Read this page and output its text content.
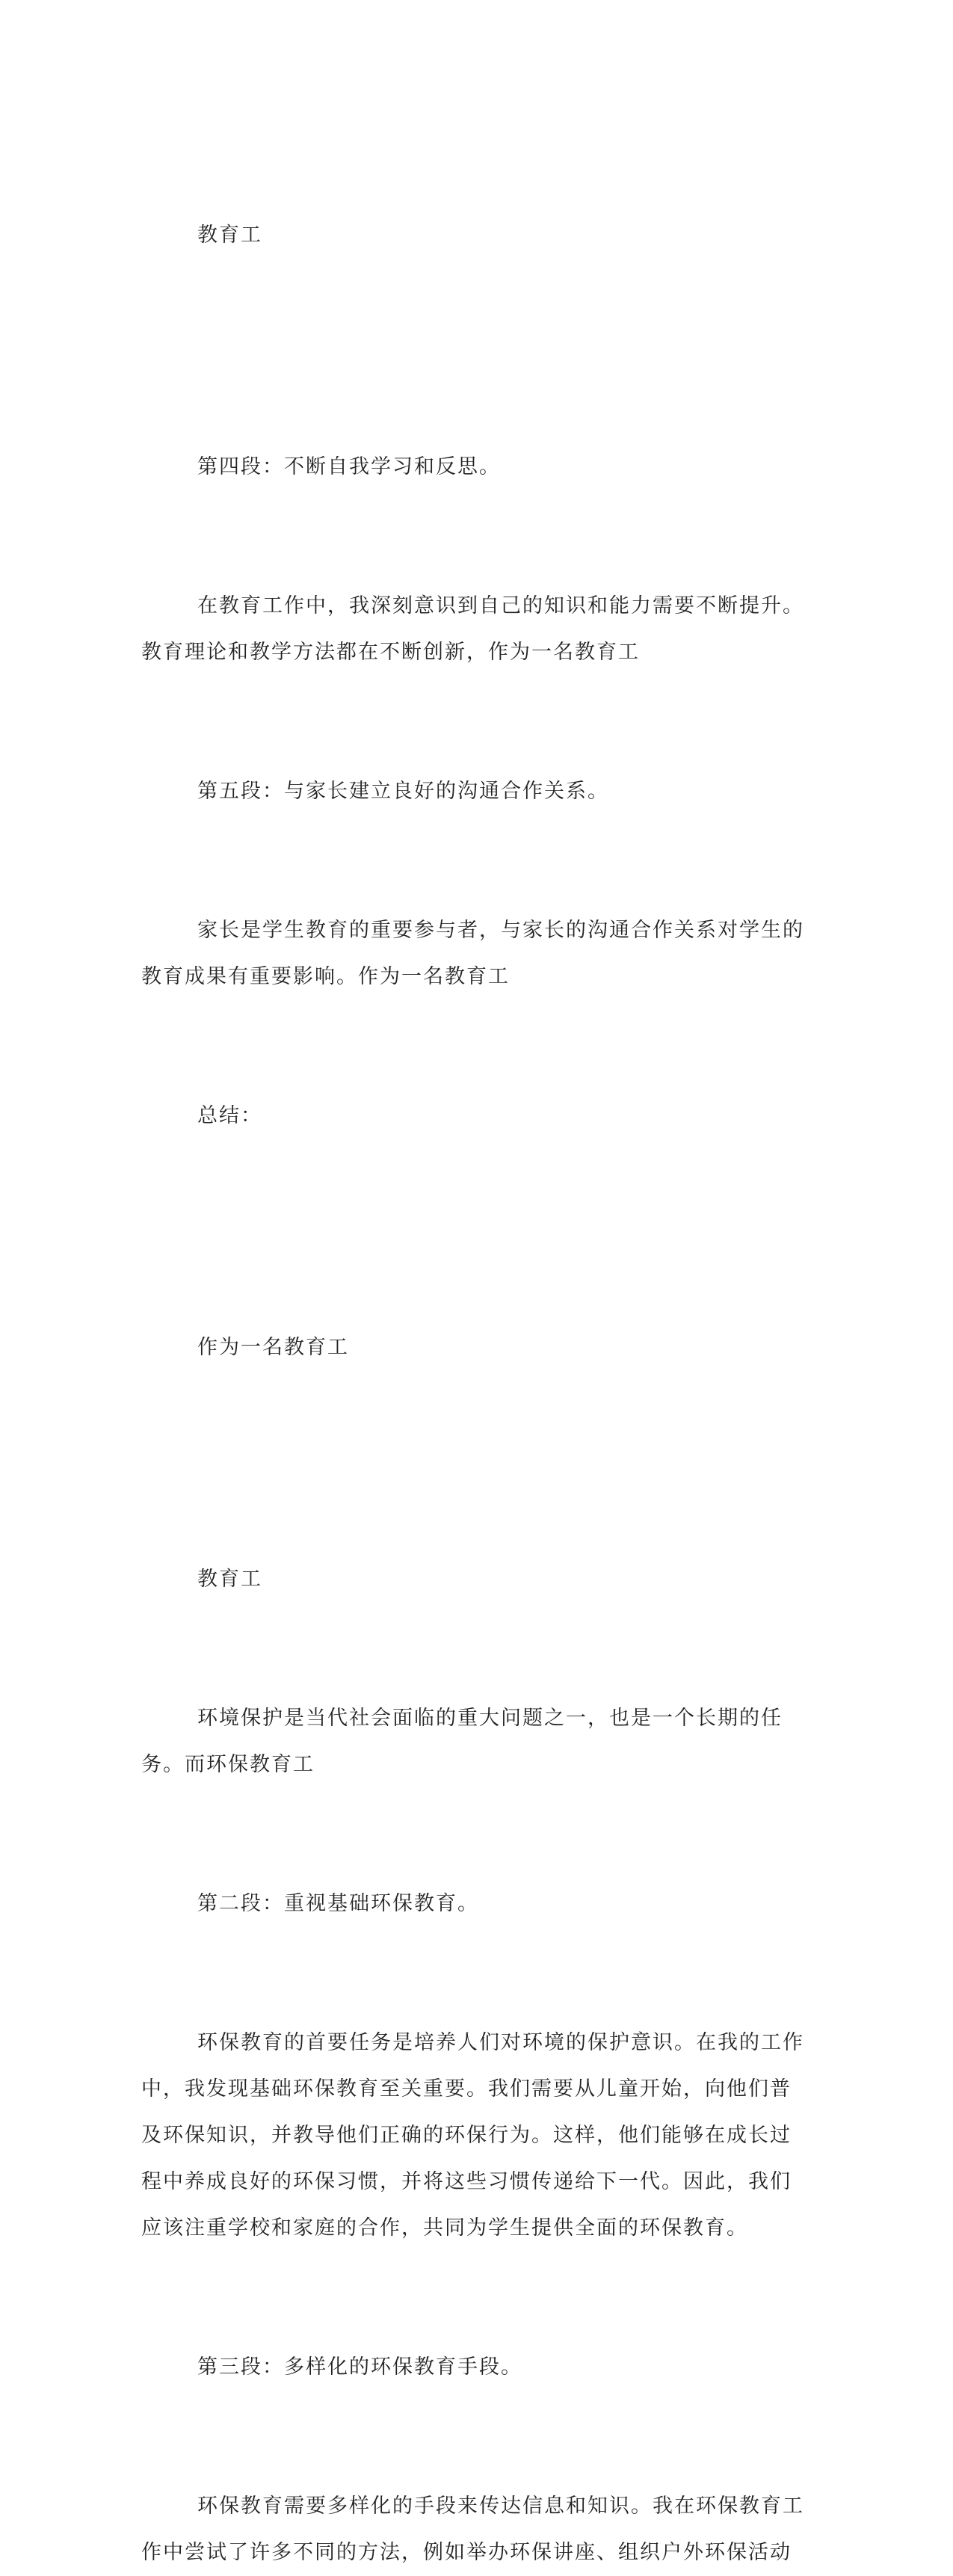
教育工

第四段：不断自我学习和反思。

在教育工作中，我深刻意识到自己的知识和能力需要不断提升。教育理论和教学方法都在不断创新，作为一名教育工

第五段：与家长建立良好的沟通合作关系。

家长是学生教育的重要参与者，与家长的沟通合作关系对学生的教育成果有重要影响。作为一名教育工

总结：

作为一名教育工

教育工

环境保护是当代社会面临的重大问题之一，也是一个长期的任务。而环保教育工

第二段：重视基础环保教育。

环保教育的首要任务是培养人们对环境的保护意识。在我的工作中，我发现基础环保教育至关重要。我们需要从儿童开始，向他们普及环保知识，并教导他们正确的环保行为。这样，他们能够在成长过程中养成良好的环保习惯，并将这些习惯传递给下一代。因此，我们应该注重学校和家庭的合作，共同为学生提供全面的环保教育。

第三段：多样化的环保教育手段。

环保教育需要多样化的手段来传达信息和知识。我在环保教育工作中尝试了许多不同的方法，例如举办环保讲座、组织户外环保活动
